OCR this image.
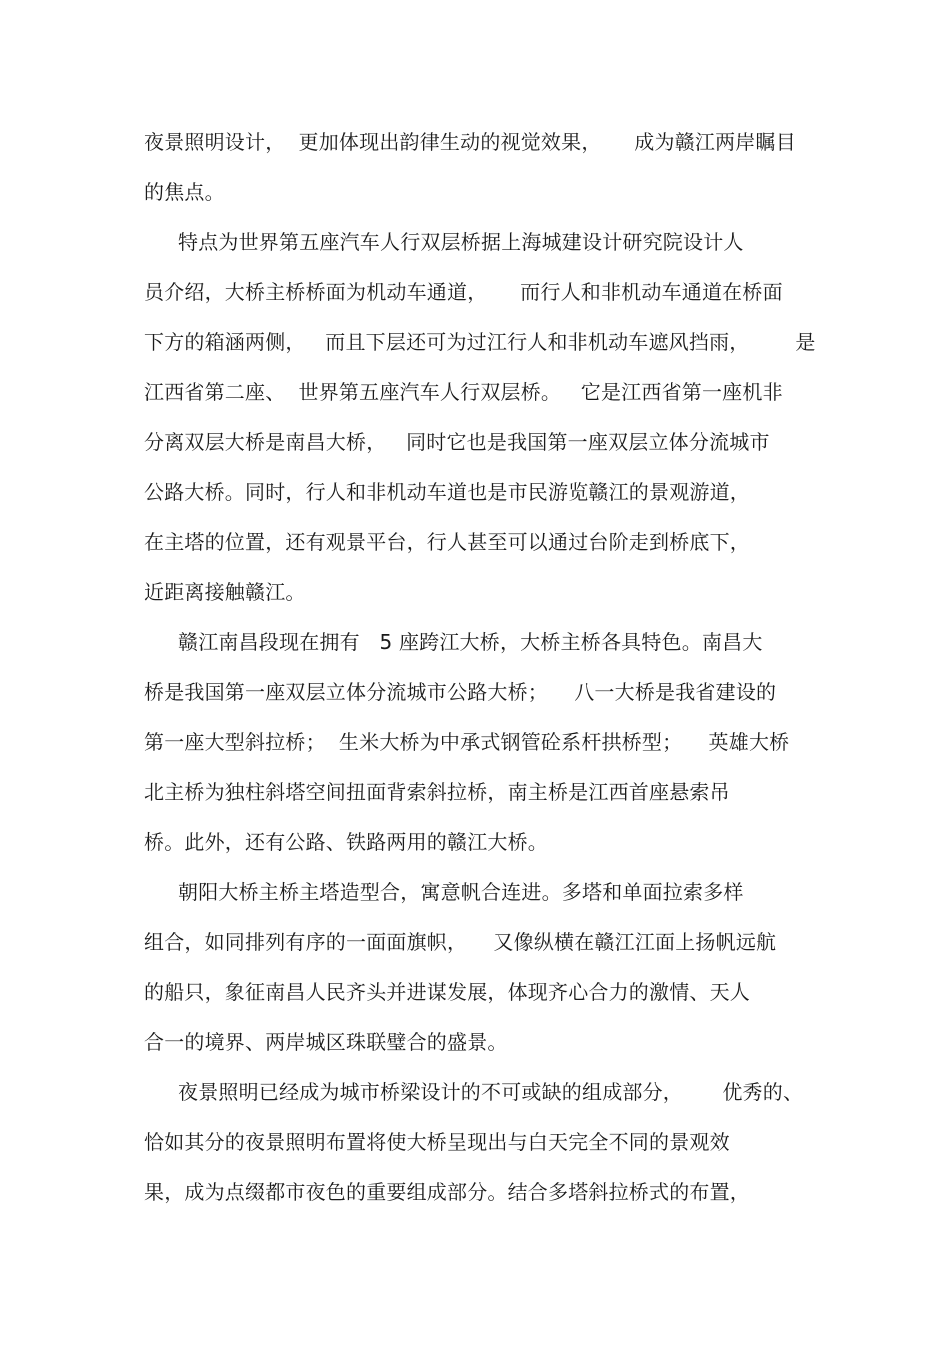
夜景照明设计，  更加体现出韵律生动的视觉效果，     成为赣江两岸瞩目
的焦点。
特点为世界第五座汽车人行双层桥据上海城建设计研究院设计人
员介绍，大桥主桥桥面为机动车通道，     而行人和非机动车通道在桥面
下方的箱涵两侧，   而且下层还可为过江行人和非机动车遮风挡雨，       是
江西省第二座、  世界第五座汽车人行双层桥。   它是江西省第一座机非
分离双层大桥是南昌大桥，   同时它也是我国第一座双层立体分流城市
公路大桥。同时，行人和非机动车道也是市民游览赣江的景观游道，
在主塔的位置，还有观景平台，行人甚至可以通过台阶走到桥底下，
近距离接触赣江。
赣江南昌段现在拥有   5 座跨江大桥，大桥主桥各具特色。南昌大
桥是我国第一座双层立体分流城市公路大桥；    八一大桥是我省建设的
第一座大型斜拉桥；  生米大桥为中承式钢管砼系杆拱桥型；    英雄大桥
北主桥为独柱斜塔空间扭面背索斜拉桥，南主桥是江西首座悬索吊
桥。此外，还有公路、铁路两用的赣江大桥。
朝阳大桥主桥主塔造型合，寓意帆合连进。多塔和单面拉索多样
组合，如同排列有序的一面面旗帜，    又像纵横在赣江江面上扬帆远航
的船只，象征南昌人民齐头并进谋发展，体现齐心合力的激情、天人
合一的境界、两岸城区珠联璧合的盛景。
夜景照明已经成为城市桥梁设计的不可或缺的组成部分，      优秀的、
恰如其分的夜景照明布置将使大桥呈现出与白天完全不同的景观效
果，成为点缀都市夜色的重要组成部分。结合多塔斜拉桥式的布置，
